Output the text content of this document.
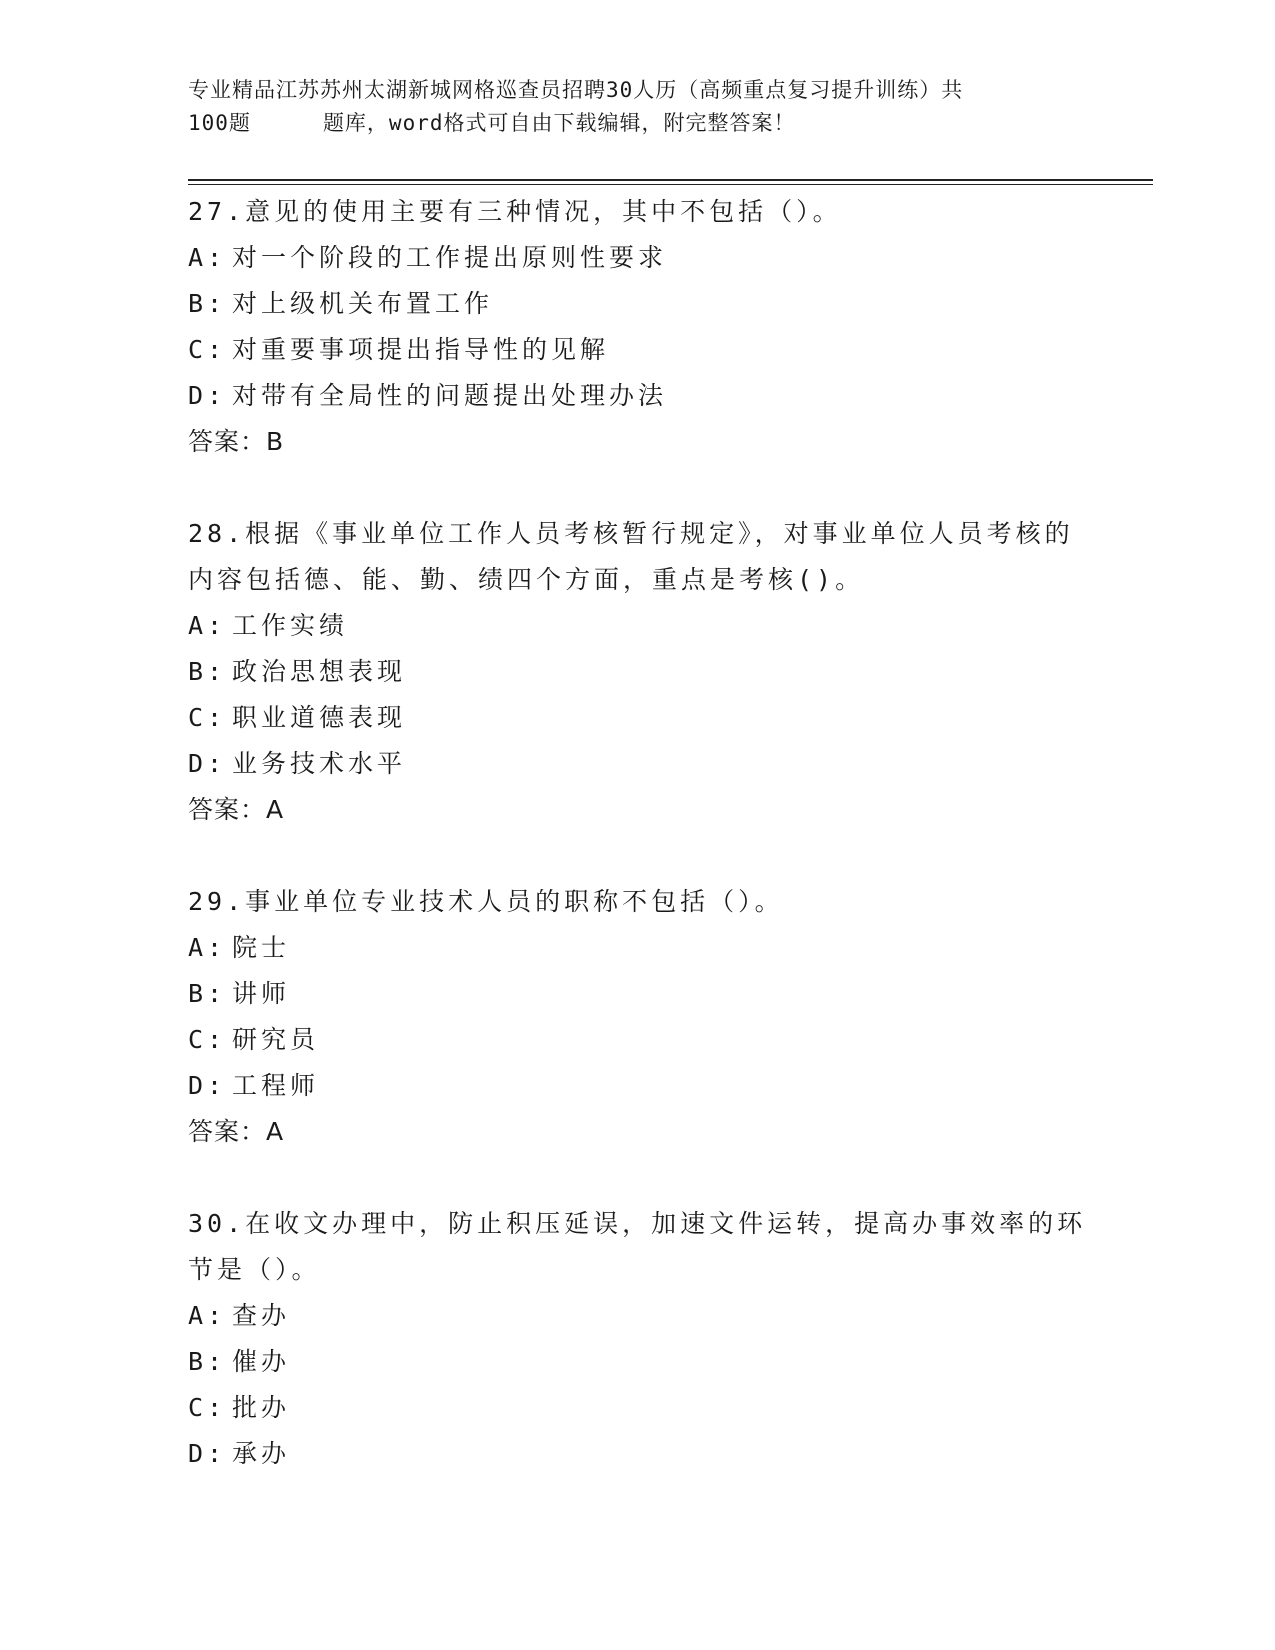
专业精品江苏苏州太湖新城网格巡查员招聘30人历（高频重点复习提升训练）共
100题	题库，word格式可自由下载编辑，附完整答案！
27.意见的使用主要有三种情况，其中不包括（）。
A: 对一个阶段的工作提出原则性要求
B: 对上级机关布置工作
C: 对重要事项提出指导性的见解
D: 对带有全局性的问题提出处理办法
答案：B
28.根据《事业单位工作人员考核暂行规定》，对事业单位人员考核的内容包括德、能、勤、绩四个方面，重点是考核()。
A: 工作实绩
B: 政治思想表现
C: 职业道德表现
D: 业务技术水平
答案：A
29.事业单位专业技术人员的职称不包括（）。
A: 院士
B: 讲师
C: 研究员
D: 工程师
答案：A
30.在收文办理中，防止积压延误，加速文件运转，提高办事效率的环节是（）。
A: 查办
B: 催办
C: 批办
D: 承办
